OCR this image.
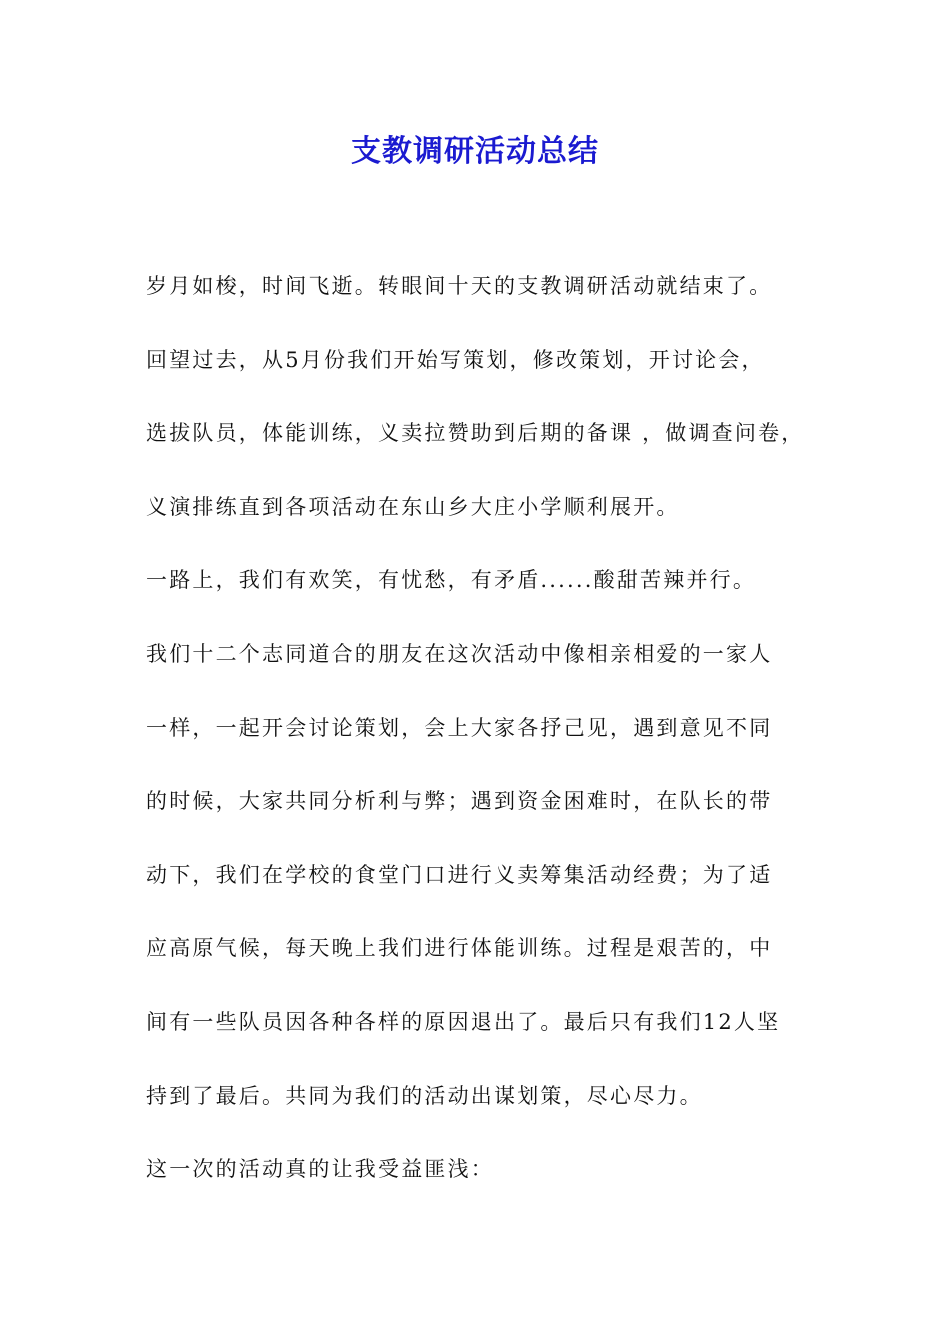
支教调研活动总结
岁月如梭，时间飞逝。转眼间十天的支教调研活动就结束了。
回望过去，从5月份我们开始写策划，修改策划，开讨论会，
选拔队员，体能训练，义卖拉赞助到后期的备课 ，做调查问卷，
义演排练直到各项活动在东山乡大庄小学顺利展开。
一路上，我们有欢笑，有忧愁，有矛盾......酸甜苦辣并行。
我们十二个志同道合的朋友在这次活动中像相亲相爱的一家人
一样，一起开会讨论策划，会上大家各抒己见，遇到意见不同
的时候，大家共同分析利与弊；遇到资金困难时，在队长的带
动下，我们在学校的食堂门口进行义卖筹集活动经费；为了适
应高原气候，每天晚上我们进行体能训练。过程是艰苦的，中
间有一些队员因各种各样的原因退出了。最后只有我们12人坚
持到了最后。共同为我们的活动出谋划策，尽心尽力。
这一次的活动真的让我受益匪浅：
